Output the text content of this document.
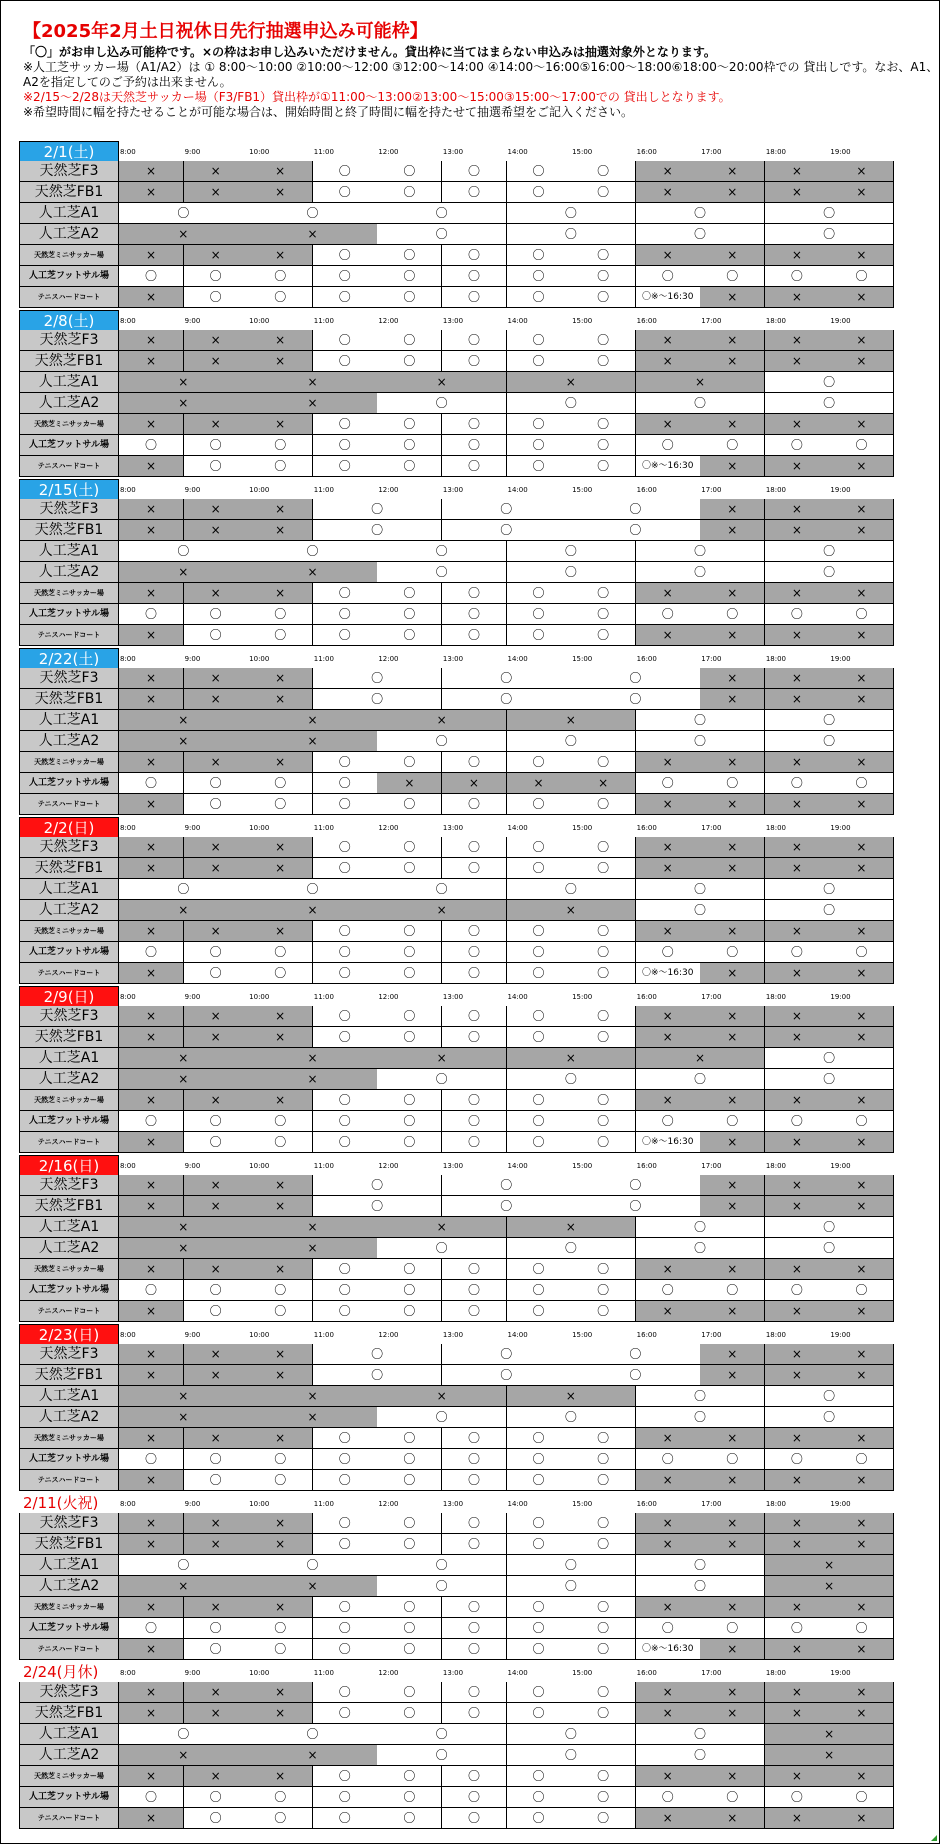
【2025年2月土日祝休日先行抽選申込み可能枠】
「〇」がお申し込み可能枠です。×の枠はお申し込みいただけません。貸出枠に当てはまらない申込みは抽選対象外となります。
※人工芝サッカー場（A1/A2）は ① 8:00～10:00 ②10:00～12:00 ③12:00～14:00 ④14:00～16:00⑤16:00～18:00⑥18:00～20:00枠での 貸出しです。なお、A1、
A2を指定してのご予約は出来ません。
※2/15～2/28は天然芝サッカー場（F3/FB1）貸出枠が①11:00～13:00②13:00～15:00③15:00～17:00での 貸出しとなります。
※希望時間に幅を持たせることが可能な場合は、開始時間と終了時間に幅を持たせて抽選希望をご記入ください。
2/1(土)	8:00	9:00	10:00	11:00	12:00	13:00	14:00	15:00	16:00	17:00	18:00	19:00
天然芝F3	×	×	×	〇	〇	〇	〇	〇	×	×	×	×
天然芝FB1	×	×	×	〇	〇	〇	〇	〇	×	×	×	×
人工芝A1	〇	〇	〇	〇	〇	〇
人工芝A2	×	×	〇	〇	〇	〇
天然芝ミニサッカー場	×	×	×	〇	〇	〇	〇	〇	×	×	×	×
人工芝フットサル場	〇	〇	〇	〇	〇	〇	〇	〇	〇	〇	〇	〇
テニスハードコート	×	〇	〇	〇	〇	〇	〇	〇	〇※～16:30	×	×	×
2/8(土)	8:00	9:00	10:00	11:00	12:00	13:00	14:00	15:00	16:00	17:00	18:00	19:00
天然芝F3	×	×	×	〇	〇	〇	〇	〇	×	×	×	×
天然芝FB1	×	×	×	〇	〇	〇	〇	〇	×	×	×	×
人工芝A1	×	×	×	×	×	〇
人工芝A2	×	×	〇	〇	〇	〇
天然芝ミニサッカー場	×	×	×	〇	〇	〇	〇	〇	×	×	×	×
人工芝フットサル場	〇	〇	〇	〇	〇	〇	〇	〇	〇	〇	〇	〇
テニスハードコート	×	〇	〇	〇	〇	〇	〇	〇	〇※～16:30	×	×	×
2/15(土)	8:00	9:00	10:00	11:00	12:00	13:00	14:00	15:00	16:00	17:00	18:00	19:00
天然芝F3	×	×	×	〇	〇	〇	×	×	×
天然芝FB1	×	×	×	〇	〇	〇	×	×	×
人工芝A1	〇	〇	〇	〇	〇	〇
人工芝A2	×	×	〇	〇	〇	〇
天然芝ミニサッカー場	×	×	×	〇	〇	〇	〇	〇	×	×	×	×
人工芝フットサル場	〇	〇	〇	〇	〇	〇	〇	〇	〇	〇	〇	〇
テニスハードコート	×	〇	〇	〇	〇	〇	〇	〇	×	×	×	×
2/22(土)	8:00	9:00	10:00	11:00	12:00	13:00	14:00	15:00	16:00	17:00	18:00	19:00
天然芝F3	×	×	×	〇	〇	〇	×	×	×
天然芝FB1	×	×	×	〇	〇	〇	×	×	×
人工芝A1	×	×	×	×	〇	〇
人工芝A2	×	×	〇	〇	〇	〇
天然芝ミニサッカー場	×	×	×	〇	〇	〇	〇	〇	×	×	×	×
人工芝フットサル場	〇	〇	〇	〇	×	×	×	×	〇	〇	〇	〇
テニスハードコート	×	〇	〇	〇	〇	〇	〇	〇	×	×	×	×
2/2(日)	8:00	9:00	10:00	11:00	12:00	13:00	14:00	15:00	16:00	17:00	18:00	19:00
天然芝F3	×	×	×	〇	〇	〇	〇	〇	×	×	×	×
天然芝FB1	×	×	×	〇	〇	〇	〇	〇	×	×	×	×
人工芝A1	〇	〇	〇	〇	〇	〇
人工芝A2	×	×	×	×	〇	〇
天然芝ミニサッカー場	×	×	×	〇	〇	〇	〇	〇	×	×	×	×
人工芝フットサル場	〇	〇	〇	〇	〇	〇	〇	〇	〇	〇	〇	〇
テニスハードコート	×	〇	〇	〇	〇	〇	〇	〇	〇※～16:30	×	×	×
2/9(日)	8:00	9:00	10:00	11:00	12:00	13:00	14:00	15:00	16:00	17:00	18:00	19:00
天然芝F3	×	×	×	〇	〇	〇	〇	〇	×	×	×	×
天然芝FB1	×	×	×	〇	〇	〇	〇	〇	×	×	×	×
人工芝A1	×	×	×	×	×	〇
人工芝A2	×	×	〇	〇	〇	〇
天然芝ミニサッカー場	×	×	×	〇	〇	〇	〇	〇	×	×	×	×
人工芝フットサル場	〇	〇	〇	〇	〇	〇	〇	〇	〇	〇	〇	〇
テニスハードコート	×	〇	〇	〇	〇	〇	〇	〇	〇※～16:30	×	×	×
2/16(日)	8:00	9:00	10:00	11:00	12:00	13:00	14:00	15:00	16:00	17:00	18:00	19:00
天然芝F3	×	×	×	〇	〇	〇	×	×	×
天然芝FB1	×	×	×	〇	〇	〇	×	×	×
人工芝A1	×	×	×	×	〇	〇
人工芝A2	×	×	〇	〇	〇	〇
天然芝ミニサッカー場	×	×	×	〇	〇	〇	〇	〇	×	×	×	×
人工芝フットサル場	〇	〇	〇	〇	〇	〇	〇	〇	〇	〇	〇	〇
テニスハードコート	×	〇	〇	〇	〇	〇	〇	〇	×	×	×	×
2/23(日)	8:00	9:00	10:00	11:00	12:00	13:00	14:00	15:00	16:00	17:00	18:00	19:00
天然芝F3	×	×	×	〇	〇	〇	×	×	×
天然芝FB1	×	×	×	〇	〇	〇	×	×	×
人工芝A1	×	×	×	×	〇	〇
人工芝A2	×	×	〇	〇	〇	〇
天然芝ミニサッカー場	×	×	×	〇	〇	〇	〇	〇	×	×	×	×
人工芝フットサル場	〇	〇	〇	〇	〇	〇	〇	〇	〇	〇	〇	〇
テニスハードコート	×	〇	〇	〇	〇	〇	〇	〇	×	×	×	×
2/11(火祝)	8:00	9:00	10:00	11:00	12:00	13:00	14:00	15:00	16:00	17:00	18:00	19:00
天然芝F3	×	×	×	〇	〇	〇	〇	〇	×	×	×	×
天然芝FB1	×	×	×	〇	〇	〇	〇	〇	×	×	×	×
人工芝A1	〇	〇	〇	〇	〇	×
人工芝A2	×	×	〇	〇	〇	×
天然芝ミニサッカー場	×	×	×	〇	〇	〇	〇	〇	×	×	×	×
人工芝フットサル場	〇	〇	〇	〇	〇	〇	〇	〇	〇	〇	〇	〇
テニスハードコート	×	〇	〇	〇	〇	〇	〇	〇	〇※～16:30	×	×	×
2/24(月休)	8:00	9:00	10:00	11:00	12:00	13:00	14:00	15:00	16:00	17:00	18:00	19:00
天然芝F3	×	×	×	〇	〇	〇	〇	〇	×	×	×	×
天然芝FB1	×	×	×	〇	〇	〇	〇	〇	×	×	×	×
人工芝A1	〇	〇	〇	〇	〇	×
人工芝A2	×	×	〇	〇	〇	×
天然芝ミニサッカー場	×	×	×	〇	〇	〇	〇	〇	×	×	×	×
人工芝フットサル場	〇	〇	〇	〇	〇	〇	〇	〇	〇	〇	〇	〇
テニスハードコート	×	〇	〇	〇	〇	〇	〇	〇	×	×	×	×
